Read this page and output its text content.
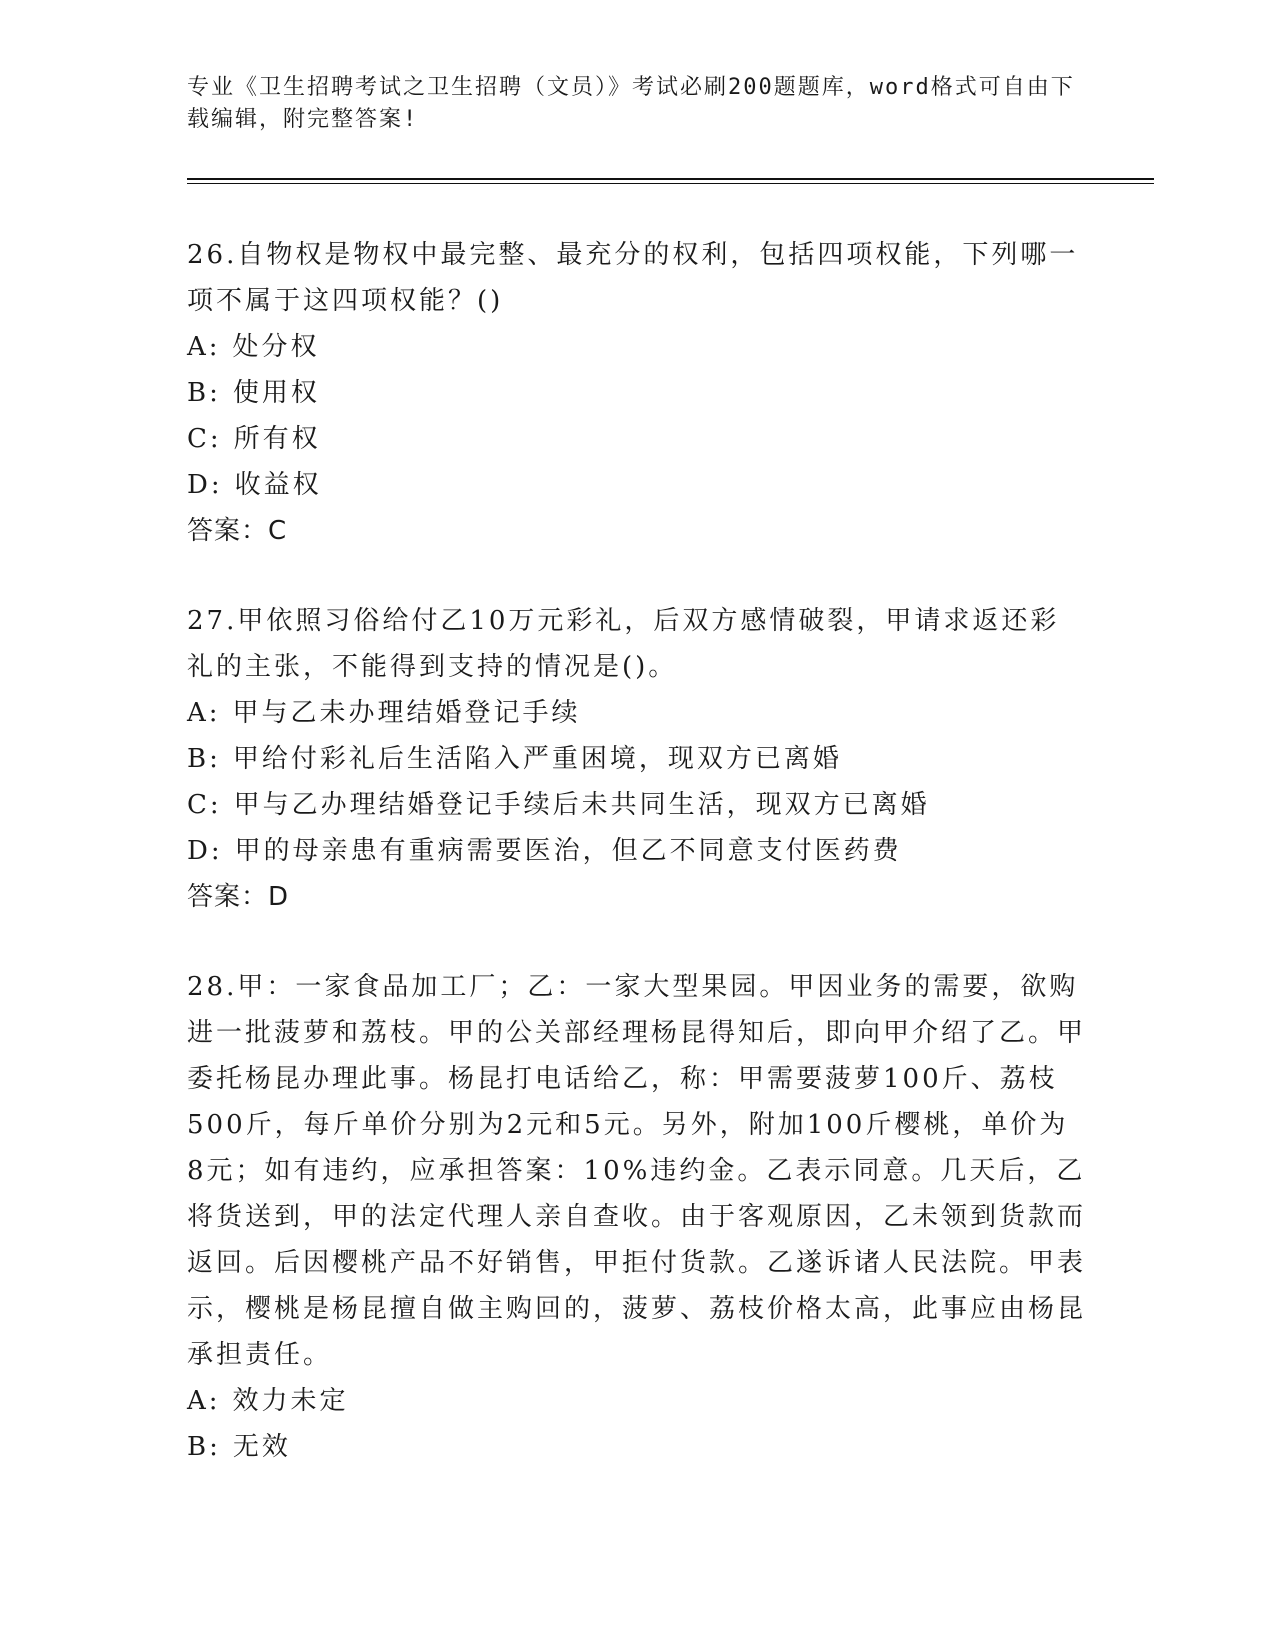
专业《卫生招聘考试之卫生招聘（文员）》考试必刷200题题库，word格式可自由下载编辑，附完整答案!

26.自物权是物权中最完整、最充分的权利，包括四项权能，下列哪一项不属于这四项权能？()

A: 处分权

B: 使用权

C: 所有权

D: 收益权

答案：C

27.甲依照习俗给付乙10万元彩礼，后双方感情破裂，甲请求返还彩礼的主张，不能得到支持的情况是()。

A: 甲与乙未办理结婚登记手续

B: 甲给付彩礼后生活陷入严重困境，现双方已离婚

C: 甲与乙办理结婚登记手续后未共同生活，现双方已离婚

D: 甲的母亲患有重病需要医治，但乙不同意支付医药费

答案：D

28.甲：一家食品加工厂；乙：一家大型果园。甲因业务的需要，欲购进一批菠萝和荔枝。甲的公关部经理杨昆得知后，即向甲介绍了乙。甲委托杨昆办理此事。杨昆打电话给乙，称：甲需要菠萝100斤、荔枝500斤，每斤单价分别为2元和5元。另外，附加100斤樱桃，单价为8元；如有违约，应承担答案：10%违约金。乙表示同意。几天后，乙将货送到，甲的法定代理人亲自查收。由于客观原因，乙未领到货款而返回。后因樱桃产品不好销售，甲拒付货款。乙遂诉诸人民法院。甲表示，樱桃是杨昆擅自做主购回的，菠萝、荔枝价格太高，此事应由杨昆承担责任。

A: 效力未定

B: 无效
